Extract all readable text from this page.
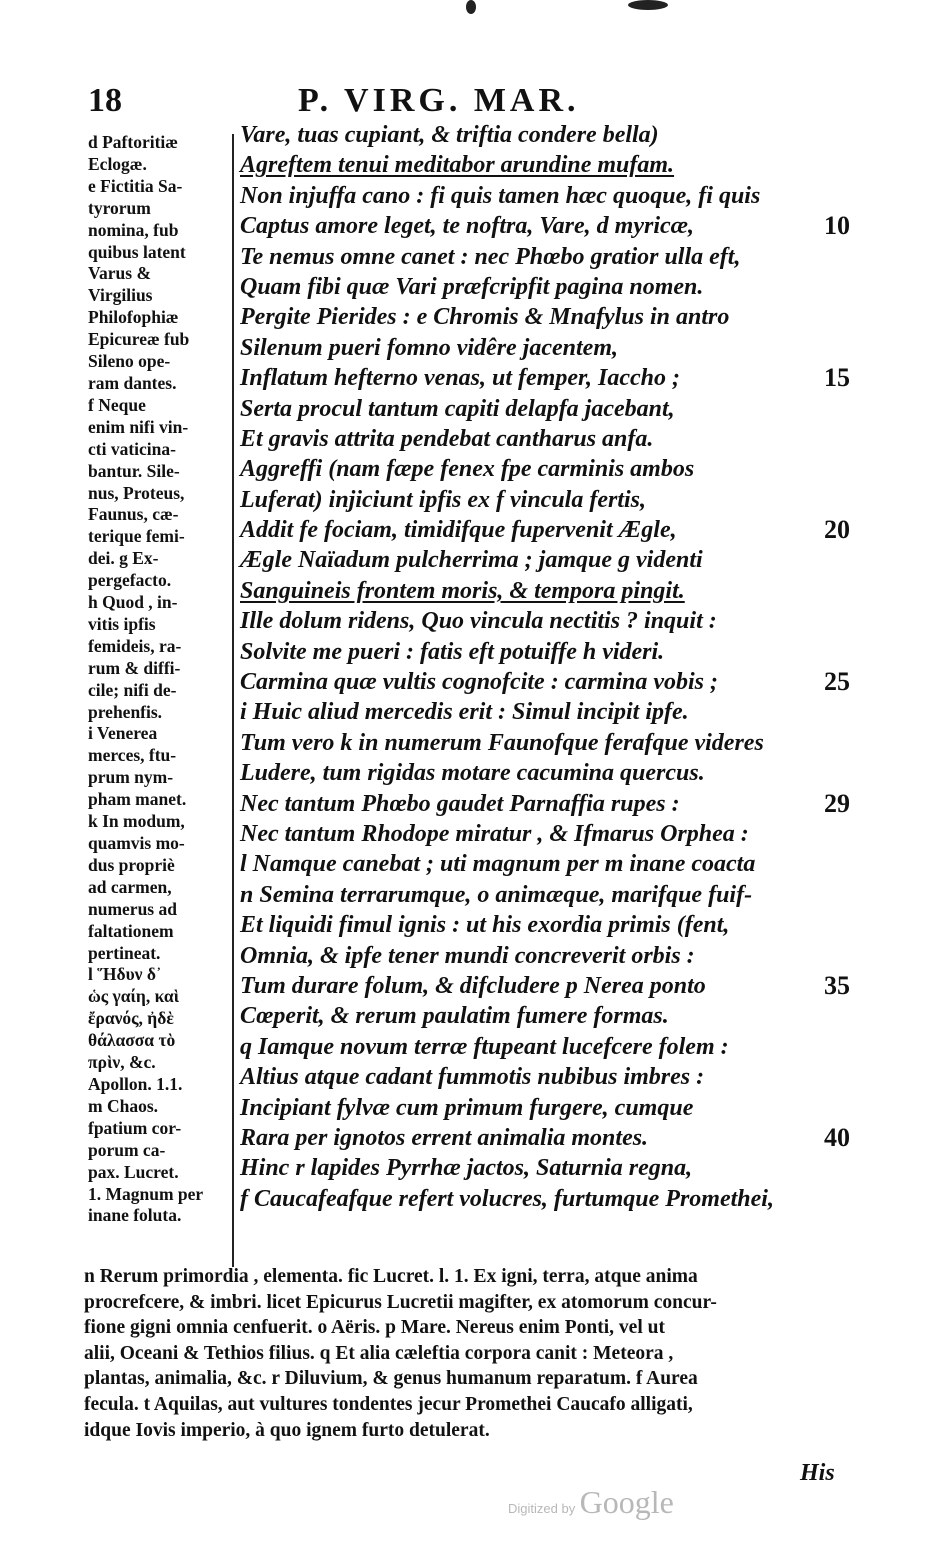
18	P. VIRG. MAR.
d Paftoritiæ
Eclogæ.
e Fictitia Sa-
tyrorum
nomina, fub
quibus latent
Varus &
Virgilius
Philofophiæ
Epicureæ fub
Sileno ope-
ram dantes.
f Neque
enim nifi vin-
cti vaticina-
bantur. Sile-
nus, Proteus,
Faunus, cæ-
terique femi-
dei. g Ex-
pergefacto.
h Quod , in-
vitis ipfis
femideis, ra-
rum & diffi-
cile; nifi de-
prehenfis.
i Venerea
merces, ftu-
prum nym-
pham manet.
k In modum,
quamvis mo-
dus propriè
ad carmen,
numerus ad
faltationem
pertineat.
l Ἥδυν δ᾽
ὡς γαίη, καὶ
ἔρανός, ἠδὲ
θάλασσα τὸ
πρὶν, &c.
Apollon. 1.1.
m Chaos.
fpatium cor-
porum ca-
pax. Lucret.
1. Magnum per
inane foluta.
Vare, tuas cupiant, & triftia condere bella)
Agreftem tenui meditabor arundine mufam.
Non injuffa cano : fi quis tamen hæc quoque, fi quis
Captus amore leget, te noftra, Vare, d myricæ,	10
Te nemus omne canet : nec Phœbo gratior ulla eft,
Quam fibi quæ Vari præfcripfit pagina nomen.
Pergite Pierides : e Chromis & Mnafylus in antro
Silenum pueri fomno vidêre jacentem,
Inflatum hefterno venas, ut femper, Iaccho ;	15
Serta procul tantum capiti delapfa jacebant,
Et gravis attrita pendebat cantharus anfa.
Aggreffi (nam fæpe fenex fpe carminis ambos
Luferat) injiciunt ipfis ex f vincula fertis,
Addit fe fociam, timidifque fupervenit Ægle,	20
Ægle Naïadum pulcherrima ; jamque g videnti
Sanguineis frontem moris, & tempora pingit.
Ille dolum ridens, Quo vincula nectitis ? inquit :
Solvite me pueri : fatis eft potuiffe h videri.
Carmina quæ vultis cognofcite : carmina vobis ;	25
i Huic aliud mercedis erit : Simul incipit ipfe.
Tum vero k in numerum Faunofque ferafque videres
Ludere, tum rigidas motare cacumina quercus.
Nec tantum Phœbo gaudet Parnaffia rupes :	29
Nec tantum Rhodope miratur , & Ifmarus Orphea :
l Namque canebat ; uti magnum per m inane coacta
n Semina terrarumque, o animæque, marifque fuif-
Et liquidi fimul ignis : ut his exordia primis (fent,
Omnia, & ipfe tener mundi concreverit orbis :
Tum durare folum, & difcludere p Nerea ponto	35
Cœperit, & rerum paulatim fumere formas.
q Iamque novum terræ ftupeant lucefcere folem :
Altius atque cadant fummotis nubibus imbres :
Incipiant fylvæ cum primum furgere, cumque
Rara per ignotos errent animalia montes.	40
Hinc r lapides Pyrrhæ jactos, Saturnia regna,
f Caucafeafque refert volucres, furtumque Promethei,
n Rerum primordia , elementa. fic Lucret. l. 1. Ex igni, terra, atque anima
procrefcere, & imbri. licet Epicurus Lucretii magifter, ex atomorum concur-
fione gigni omnia cenfuerit. o Aëris. p Mare. Nereus enim Ponti, vel ut
alii, Oceani & Tethios filius. q Et alia cæleftia corpora canit : Meteora ,
plantas, animalia, &c. r Diluvium, & genus humanum reparatum. f Aurea
fecula. t Aquilas, aut vultures tondentes jecur Promethei Caucafo alligati,
idque Iovis imperio, à quo ignem furto detulerat.
His
Digitized by Google
